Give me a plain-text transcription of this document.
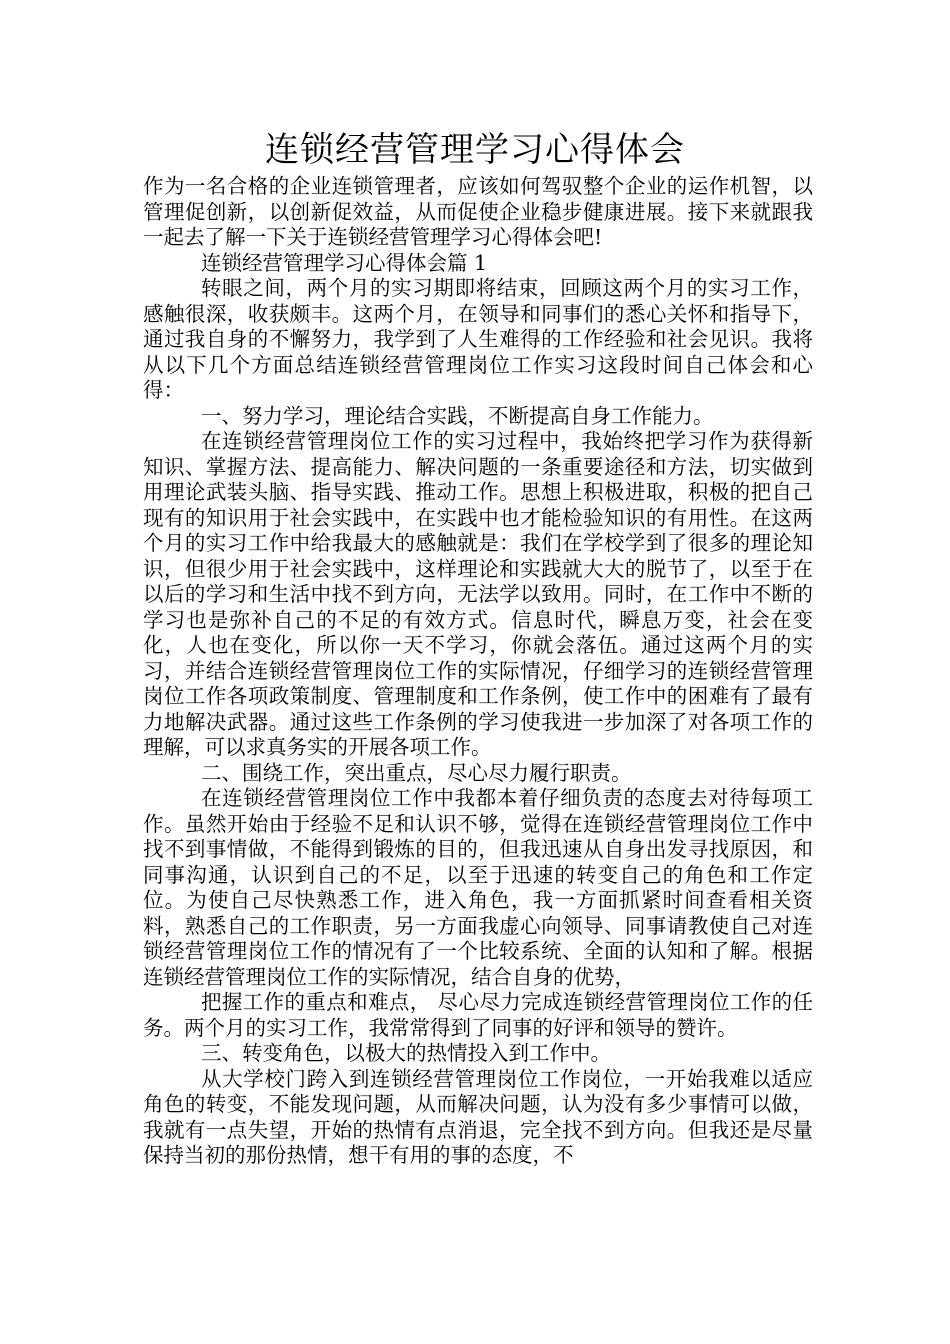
连锁经营管理学习心得体会

作为一名合格的企业连锁管理者，应该如何驾驭整个企业的运作机智，以管理促创新，以创新促效益，从而促使企业稳步健康进展。接下来就跟我一起去了解一下关于连锁经营管理学习心得体会吧!

连锁经营管理学习心得体会篇 1

转眼之间，两个月的实习期即将结束，回顾这两个月的实习工作，感触很深，收获颇丰。这两个月，在领导和同事们的悉心关怀和指导下，通过我自身的不懈努力，我学到了人生难得的工作经验和社会见识。我将从以下几个方面总结连锁经营管理岗位工作实习这段时间自己体会和心得：

一、努力学习，理论结合实践，不断提高自身工作能力。

在连锁经营管理岗位工作的实习过程中，我始终把学习作为获得新知识、掌握方法、提高能力、解决问题的一条重要途径和方法，切实做到用理论武装头脑、指导实践、推动工作。思想上积极进取，积极的把自己现有的知识用于社会实践中，在实践中也才能检验知识的有用性。在这两个月的实习工作中给我最大的感触就是：我们在学校学到了很多的理论知识，但很少用于社会实践中，这样理论和实践就大大的脱节了，以至于在以后的学习和生活中找不到方向，无法学以致用。同时，在工作中不断的学习也是弥补自己的不足的有效方式。信息时代，瞬息万变，社会在变化，人也在变化，所以你一天不学习，你就会落伍。通过这两个月的实习，并结合连锁经营管理岗位工作的实际情况，仔细学习的连锁经营管理岗位工作各项政策制度、管理制度和工作条例，使工作中的困难有了最有力地解决武器。通过这些工作条例的学习使我进一步加深了对各项工作的理解，可以求真务实的开展各项工作。

二、围绕工作，突出重点，尽心尽力履行职责。

在连锁经营管理岗位工作中我都本着仔细负责的态度去对待每项工作。虽然开始由于经验不足和认识不够，觉得在连锁经营管理岗位工作中找不到事情做，不能得到锻炼的目的，但我迅速从自身出发寻找原因，和同事沟通，认识到自己的不足，以至于迅速的转变自己的角色和工作定位。为使自己尽快熟悉工作，进入角色，我一方面抓紧时间查看相关资料，熟悉自己的工作职责，另一方面我虚心向领导、同事请教使自己对连锁经营管理岗位工作的情况有了一个比较系统、全面的认知和了解。根据连锁经营管理岗位工作的实际情况，结合自身的优势，

把握工作的重点和难点， 尽心尽力完成连锁经营管理岗位工作的任务。两个月的实习工作，我常常得到了同事的好评和领导的赞许。

三、转变角色，以极大的热情投入到工作中。

从大学校门跨入到连锁经营管理岗位工作岗位，一开始我难以适应角色的转变，不能发现问题，从而解决问题，认为没有多少事情可以做，我就有一点失望，开始的热情有点消退，完全找不到方向。但我还是尽量保持当初的那份热情，想干有用的事的态度，不
